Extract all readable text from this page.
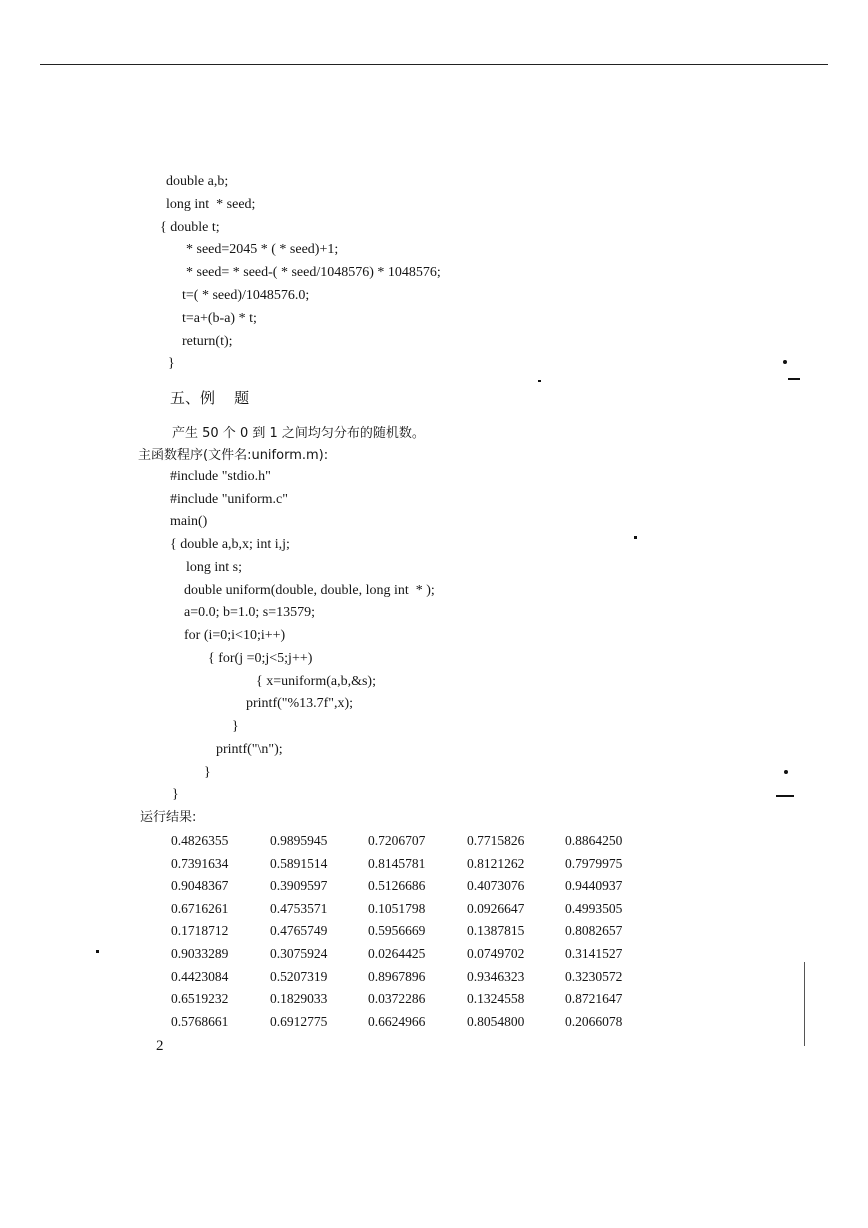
double a,b;
long int  * seed;
{ double t;
* seed=2045 * ( * seed)+1;
* seed= * seed-( * seed/1048576) * 1048576;
t=( * seed)/1048576.0;
t=a+(b-a) * t;
return(t);
}
五、例    题
产生 50 个 0 到 1 之间均匀分布的随机数。
主函数程序(文件名:uniform.m):
#include "stdio.h"
#include "uniform.c"
main()
{ double a,b,x; int i,j;
long int s;
double uniform(double, double, long int  * );
a=0.0; b=1.0; s=13579;
for (i=0;i<10;i++)
{ for(j =0;j<5;j++)
{ x=uniform(a,b,&s);
printf("%13.7f",x);
}
printf("\n");
}
}
运行结果:
0.4826355	0.9895945	0.7206707	0.7715826	0.8864250
0.7391634	0.5891514	0.8145781	0.8121262	0.7979975
0.9048367	0.3909597	0.5126686	0.4073076	0.9440937
0.6716261	0.4753571	0.1051798	0.0926647	0.4993505
0.1718712	0.4765749	0.5956669	0.1387815	0.8082657
0.9033289	0.3075924	0.0264425	0.0749702	0.3141527
0.4423084	0.5207319	0.8967896	0.9346323	0.3230572
0.6519232	0.1829033	0.0372286	0.1324558	0.8721647
0.5768661	0.6912775	0.6624966	0.8054800	0.2066078
2
